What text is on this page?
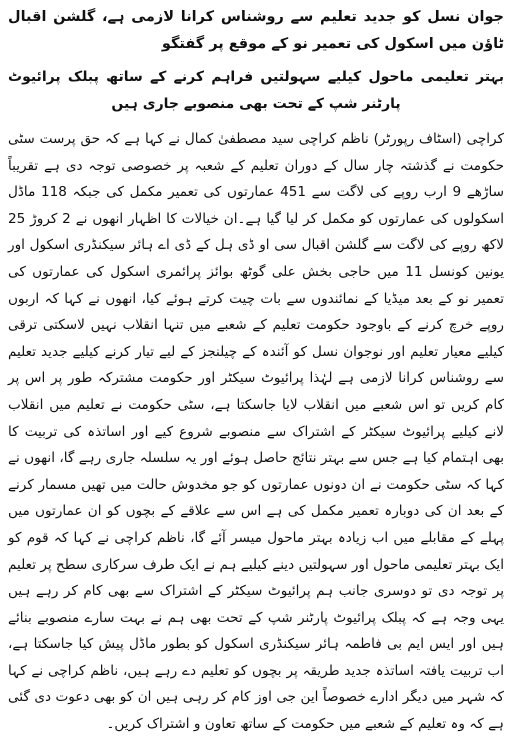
جوان نسل کو جدید تعلیم سے روشناس کرانا لازمی ہے، گلشن اقبال ٹاؤن میں اسکول کی تعمیر نو کے موقع پر گفتگو
بہتر تعلیمی ماحول کیلیے سہولتیں فراہم کرنے کے ساتھ پبلک پرائیوٹ پارٹنر شپ کے تحت بھی منصوبے جاری ہیں

کراچی (اسٹاف رپورٹر) ناظم کراچی سید مصطفیٰ کمال نے کہا ہے کہ حق پرست سٹی حکومت نے گذشتہ چار سال کے دوران تعلیم کے شعبہ پر خصوصی توجہ دی ہے تقریباً ساڑھے 9 ارب روپے کی لاگت سے 451 عمارتوں کی تعمیر مکمل کی جبکہ 118 ماڈل اسکولوں کی عمارتوں کو مکمل کر لیا گیا ہے۔ان خیالات کا اظہار انھوں نے 2 کروڑ 25 لاکھ روپے کی لاگت سے گلشن اقبال سی او ڈی ہل کے ڈی اے ہائر سیکنڈری اسکول اور یونین کونسل 11 میں حاجی بخش علی گوٹھ بوائز پرائمری اسکول کی عمارتوں کی تعمیر نو کے بعد میڈیا کے نمائندوں سے بات چیت کرتے ہوئے کیا، انھوں نے کہا کہ اربوں روپے خرچ کرنے کے باوجود حکومت تعلیم کے شعبے میں تنہا انقلاب نہیں لاسکتی ترقی کیلیے معیار تعلیم اور نوجوان نسل کو آئندہ کے چیلنجز کے لیے تیار کرنے کیلیے جدید تعلیم سے روشناس کرانا لازمی ہے لہٰذا پرائیوٹ سیکٹر اور حکومت مشترکہ طور پر اس پر کام کریں تو اس شعبے میں انقلاب لایا جاسکتا ہے، سٹی حکومت نے تعلیم میں انقلاب لانے کیلیے پرائیوٹ سیکٹر کے اشتراک سے منصوبے شروع کیے اور اساتذہ کی تربیت کا بھی اہتمام کیا ہے جس سے بہتر نتائج حاصل ہوئے اور یہ سلسلہ جاری رہے گا، انھوں نے کہا کہ سٹی حکومت نے ان دونوں عمارتوں کو جو مخدوش حالت میں تھیں مسمار کرنے کے بعد ان کی دوبارہ تعمیر مکمل کی ہے اس سے علاقے کے بچوں کو ان عمارتوں میں پہلے کے مقابلے میں اب زیادہ بہتر ماحول میسر آئے گا، ناظم کراچی نے کہا کہ قوم کو ایک بہتر تعلیمی ماحول اور سہولتیں دینے کیلیے ہم نے ایک طرف سرکاری سطح پر تعلیم پر توجہ دی تو دوسری جانب ہم پرائیوٹ سیکٹر کے اشتراک سے بھی کام کر رہے ہیں یہی وجہ ہے کہ پبلک پرائیوٹ پارٹنر شپ کے تحت بھی ہم نے بہت سارے منصوبے بنائے ہیں اور ایس ایم بی فاطمہ ہائر سیکنڈری اسکول کو بطور ماڈل پیش کیا جاسکتا ہے، اب تربیت یافتہ اساتذہ جدید طریقہ پر بچوں کو تعلیم دے رہے ہیں، ناظم کراچی نے کہا کہ شہر میں دیگر ادارے خصوصاً این جی اوز کام کر رہی ہیں ان کو بھی دعوت دی گئی ہے کہ وہ تعلیم کے شعبے میں حکومت کے ساتھ تعاون و اشتراک کریں۔
